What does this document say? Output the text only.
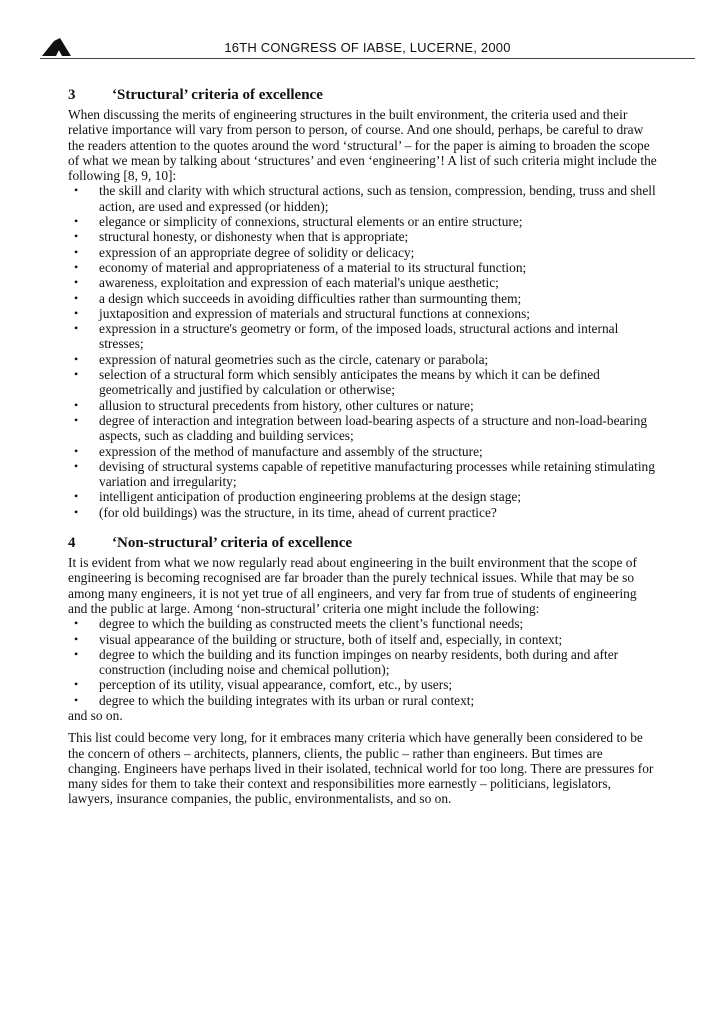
16TH CONGRESS OF IABSE, LUCERNE, 2000
3 ‘Structural’ criteria of excellence

When discussing the merits of engineering structures in the built environment, the criteria used and their relative importance will vary from person to person, of course. And one should, perhaps, be careful to draw the readers attention to the quotes around the word ‘structural’ – for the paper is aiming to broaden the scope of what we mean by talking about ‘structures’ and even ‘engineering’! A list of such criteria might include the following [8, 9, 10]:

• the skill and clarity with which structural actions, such as tension, compression, bending, truss and shell action, are used and expressed (or hidden);
• elegance or simplicity of connexions, structural elements or an entire structure;
• structural honesty, or dishonesty when that is appropriate;
• expression of an appropriate degree of solidity or delicacy;
• economy of material and appropriateness of a material to its structural function;
• awareness, exploitation and expression of each material's unique aesthetic;
• a design which succeeds in avoiding difficulties rather than surmounting them;
• juxtaposition and expression of materials and structural functions at connexions;
• expression in a structure's geometry or form, of the imposed loads, structural actions and internal stresses;
• expression of natural geometries such as the circle, catenary or parabola;
• selection of a structural form which sensibly anticipates the means by which it can be defined geometrically and justified by calculation or otherwise;
• allusion to structural precedents from history, other cultures or nature;
• degree of interaction and integration between load-bearing aspects of a structure and non-load-bearing aspects, such as cladding and building services;
• expression of the method of manufacture and assembly of the structure;
• devising of structural systems capable of repetitive manufacturing processes while retaining stimulating variation and irregularity;
• intelligent anticipation of production engineering problems at the design stage;
• (for old buildings) was the structure, in its time, ahead of current practice?
4 ‘Non-structural’ criteria of excellence

It is evident from what we now regularly read about engineering in the built environment that the scope of engineering is becoming recognised are far broader than the purely technical issues. While that may be so among many engineers, it is not yet true of all engineers, and very far from true of students of engineering and the public at large. Among ‘non-structural’ criteria one might include the following:

• degree to which the building as constructed meets the client’s functional needs;
• visual appearance of the building or structure, both of itself and, especially, in context;
• degree to which the building and its function impinges on nearby residents, both during and after construction (including noise and chemical pollution);
• perception of its utility, visual appearance, comfort, etc., by users;
• degree to which the building integrates with its urban or rural context;

and so on.

This list could become very long, for it embraces many criteria which have generally been considered to be the concern of others – architects, planners, clients, the public – rather than engineers. But times are changing. Engineers have perhaps lived in their isolated, technical world for too long. There are pressures for many sides for them to take their context and responsibilities more earnestly – politicians, legislators, lawyers, insurance companies, the public, environmentalists, and so on.
